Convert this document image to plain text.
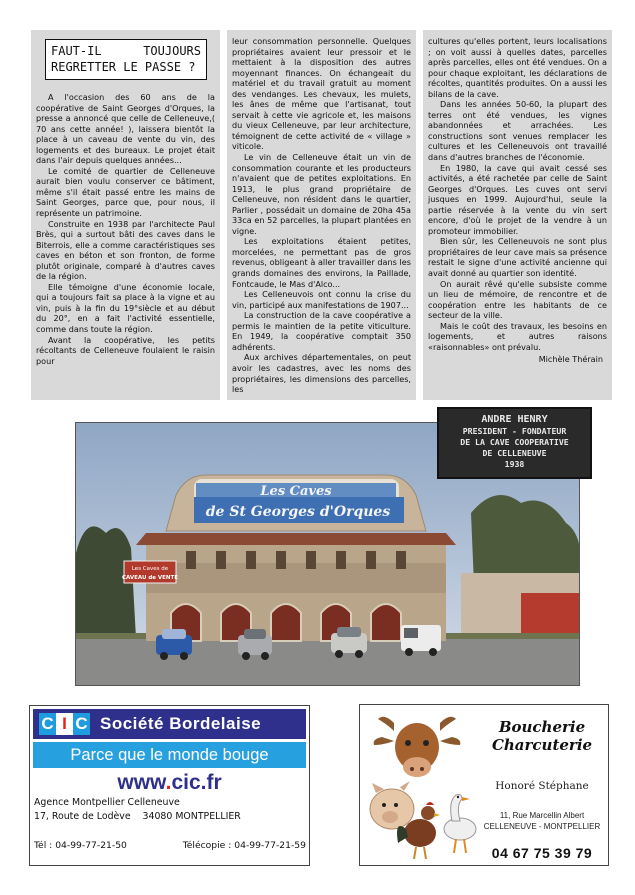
FAUT-IL	TOUJOURS
REGRETTER LE PASSE ?

A l'occasion des 60 ans de la coopérative de Saint Georges d'Orques, la presse a annoncé que celle de Celleneuve,( 70 ans cette année! ), laissera bientôt la place à un caveau de vente du vin, des logements et des bureaux. Le projet était dans l'air depuis quelques années...

Le comité de quartier de Celleneuve aurait bien voulu conserver ce bâtiment, même s'il était passé entre les mains de Saint Georges, parce que, pour nous, il représente un patrimoine.

Construite en 1938 par l'architecte Paul Brès, qui a surtout bâti des caves dans le Biterrois, elle a comme caractéristiques ses caves en béton et son fronton, de forme plutôt originale, comparé à d'autres caves de la région.

Elle témoigne d'une économie locale, qui a toujours fait sa place à la vigne et au vin, puis à la fin du 19°siècle et au début du 20°, en a fait l'activité essentielle, comme dans toute la région.

Avant la coopérative, les petits récoltants de Celleneuve foulaient le raisin pour

leur consommation personnelle. Quelques propriétaires avaient leur pressoir et le mettaient à la disposition des autres moyennant finances. On échangeait du matériel et du travail gratuit au moment des vendanges. Les chevaux, les mulets, les ânes de même que l'artisanat, tout servait à cette vie agricole et, les maisons du vieux Celleneuve, par leur architecture, témoignent de cette activité de « village » viticole.

Le vin de Celleneuve était un vin de consommation courante et les producteurs n'avaient que de petites exploitations. En 1913, le plus grand propriétaire de Celleneuve, non résident dans le quartier, Parlier , possédait un domaine de 20ha 45a 33ca en 52 parcelles, la plupart plantées en vigne.

Les exploitations étaient petites, morcelées, ne permettant pas de gros revenus, obligeant à aller travailler dans les grands domaines des environs, la Paillade, Fontcaude, le Mas d'Alco...

Les Celleneuvois ont connu la crise du vin, participé aux manifestations de 1907...

La construction de la cave coopérative a permis le maintien de la petite viticulture. En 1949, la coopérative comptait 350 adhérents.

Aux archives départementales, on peut avoir les cadastres, avec les noms des propriétaires, les dimensions des parcelles, les

cultures qu'elles portent, leurs localisations ; on voit aussi à quelles dates, parcelles après parcelles, elles ont été vendues. On a pour chaque exploitant, les déclarations de récoltes, quantités produites. On a aussi les bilans de la cave.

Dans les années 50-60, la plupart des terres ont été vendues, les vignes abandonnées et arrachées. Les constructions sont venues remplacer les cultures et les Celleneuvois ont travaillé dans d'autres branches de l'économie.

En 1980, la cave qui avait cessé ses activités, a été rachetée par celle de Saint Georges d'Orques. Les cuves ont servi jusques en 1999. Aujourd'hui, seule la partie réservée à la vente du vin sert encore, d'où le projet de la vendre à un promoteur immobilier.

Bien sûr, les Celleneuvois ne sont plus propriétaires de leur cave mais sa présence restait le signe d'une activité ancienne qui avait donné au quartier son identité.

On aurait rêvé qu'elle subsiste comme un lieu de mémoire, de rencontre et de coopération entre les habitants de ce secteur de la ville.

Mais le coût des travaux, les besoins en logements, et autres raisons «raisonnables» ont prévalu.

Michèle Thérain
Les Caves
de St Georges d'Orques
Les Caves de
CAVEAU de VENTE
ANDRE HENRY
PRESIDENT - FONDATEUR
DE LA CAVE COOPERATIVE
DE CELLENEUVE
1938
C I C Société Bordelaise
Parce que le monde bouge
www.cic.fr
Agence Montpellier Celleneuve
17, Route de Lodève    34080 MONTPELLIER
Tél : 04-99-77-21-50	Télécopie : 04-99-77-21-59
Boucherie
Charcuterie
Honoré Stéphane
11, Rue Marcellin Albert
CELLENEUVE - MONTPELLIER
04 67 75 39 79
